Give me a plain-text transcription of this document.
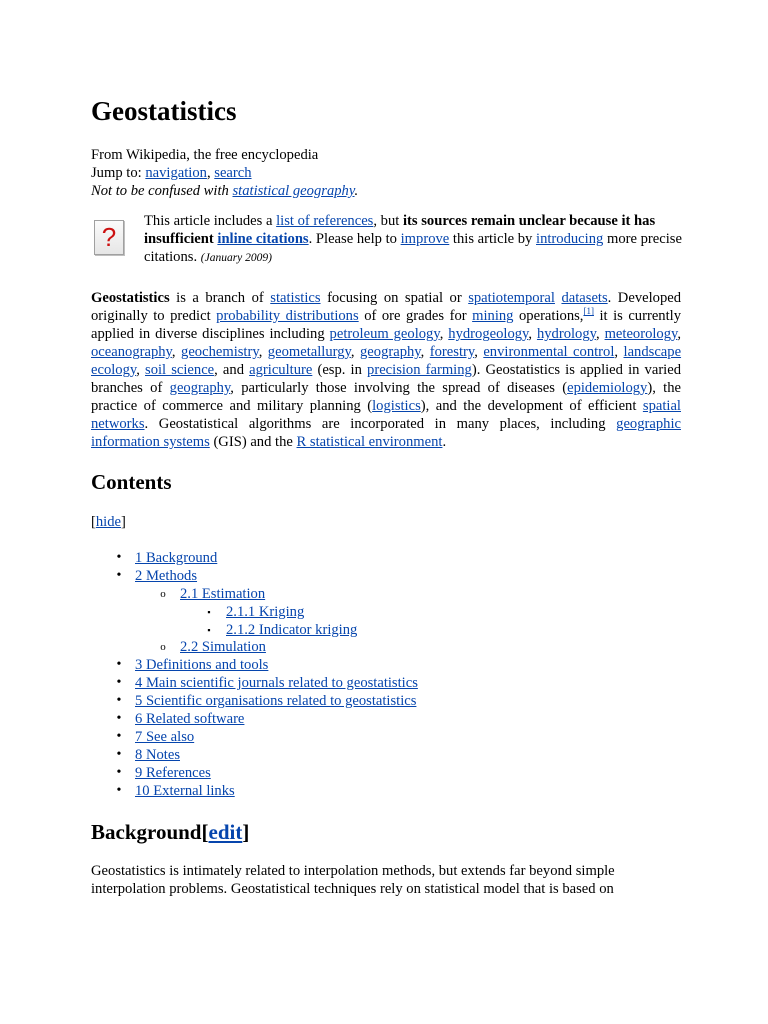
Geostatistics
From Wikipedia, the free encyclopedia
Jump to: navigation, search
Not to be confused with statistical geography.
?
This article includes a list of references, but its sources remain unclear because it has insufficient inline citations. Please help to improve this article by introducing more precise citations. (January 2009)
Geostatistics is a branch of statistics focusing on spatial or spatiotemporal datasets. Developed originally to predict probability distributions of ore grades for mining operations,[1] it is currently applied in diverse disciplines including petroleum geology, hydrogeology, hydrology, meteorology, oceanography, geochemistry, geometallurgy, geography, forestry, environmental control, landscape ecology, soil science, and agriculture (esp. in precision farming). Geostatistics is applied in varied branches of geography, particularly those involving the spread of diseases (epidemiology), the practice of commerce and military planning (logistics), and the development of efficient spatial networks. Geostatistical algorithms are incorporated in many places, including geographic information systems (GIS) and the R statistical environment.
Contents
[hide]
• 1 Background
• 2 Methods
o 2.1 Estimation
▪ 2.1.1 Kriging
▪ 2.1.2 Indicator kriging
o 2.2 Simulation
• 3 Definitions and tools
• 4 Main scientific journals related to geostatistics
• 5 Scientific organisations related to geostatistics
• 6 Related software
• 7 See also
• 8 Notes
• 9 References
• 10 External links
Background[edit]
Geostatistics is intimately related to interpolation methods, but extends far beyond simple interpolation problems. Geostatistical techniques rely on statistical model that is based on
